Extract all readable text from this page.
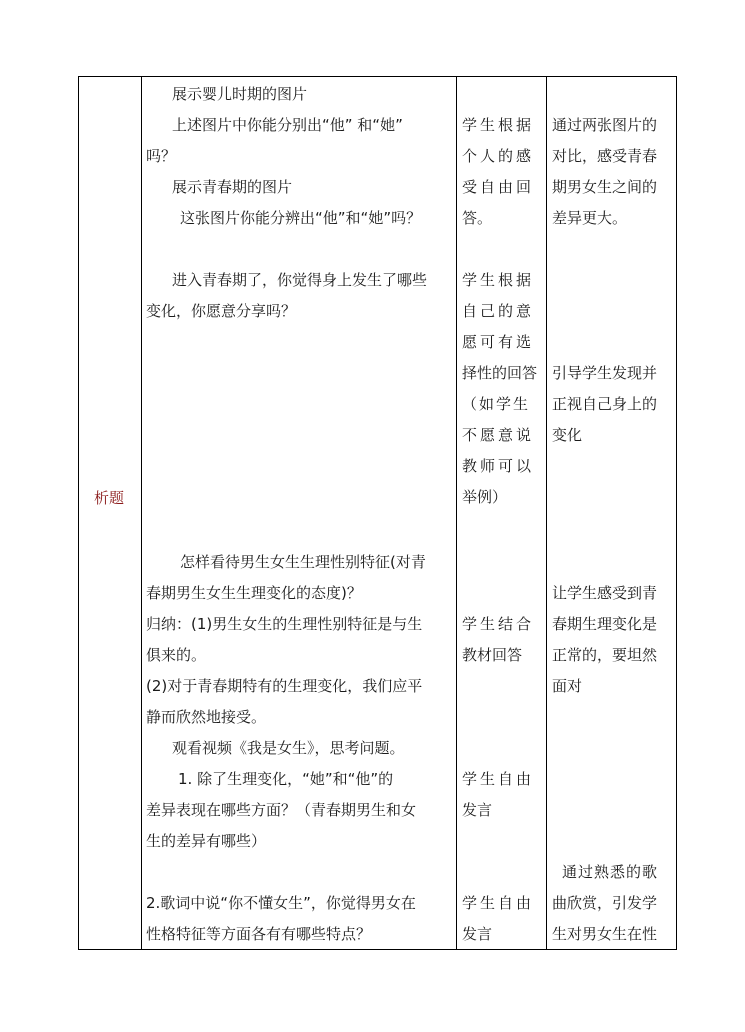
析题
展示婴儿时期的图片
上述图片中你能分别出“他” 和“她”
吗？
展示青春期的图片
这张图片你能分辨出“他”和“她”吗？
进入青春期了，你觉得身上发生了哪些
变化，你愿意分享吗？
怎样看待男生女生生理性别特征(对青
春期男生女生生理变化的态度)？
归纳：(1)男生女生的生理性别特征是与生
俱来的。
(2)对于青春期特有的生理变化，我们应平
静而欣然地接受。
观看视频《我是女生》，思考问题。
1. 除了生理变化，“她”和“他”的
差异表现在哪些方面？（青春期男生和女
生的差异有哪些）
2.歌词中说“你不懂女生”，你觉得男女在
性格特征等方面各有有哪些特点？
学生根据
个人的感
受自由回
答。
学生根据
自己的意
愿可有选
择性的回答
（如学生
不愿意说
教师可以
举例）
学生结合
教材回答
学生自由
发言
学生自由
发言
通过两张图片的
对比，感受青春
期男女生之间的
差异更大。
引导学生发现并
正视自己身上的
变化
让学生感受到青
春期生理变化是
正常的，要坦然
面对
通过熟悉的歌
曲欣赏，引发学
生对男女生在性
